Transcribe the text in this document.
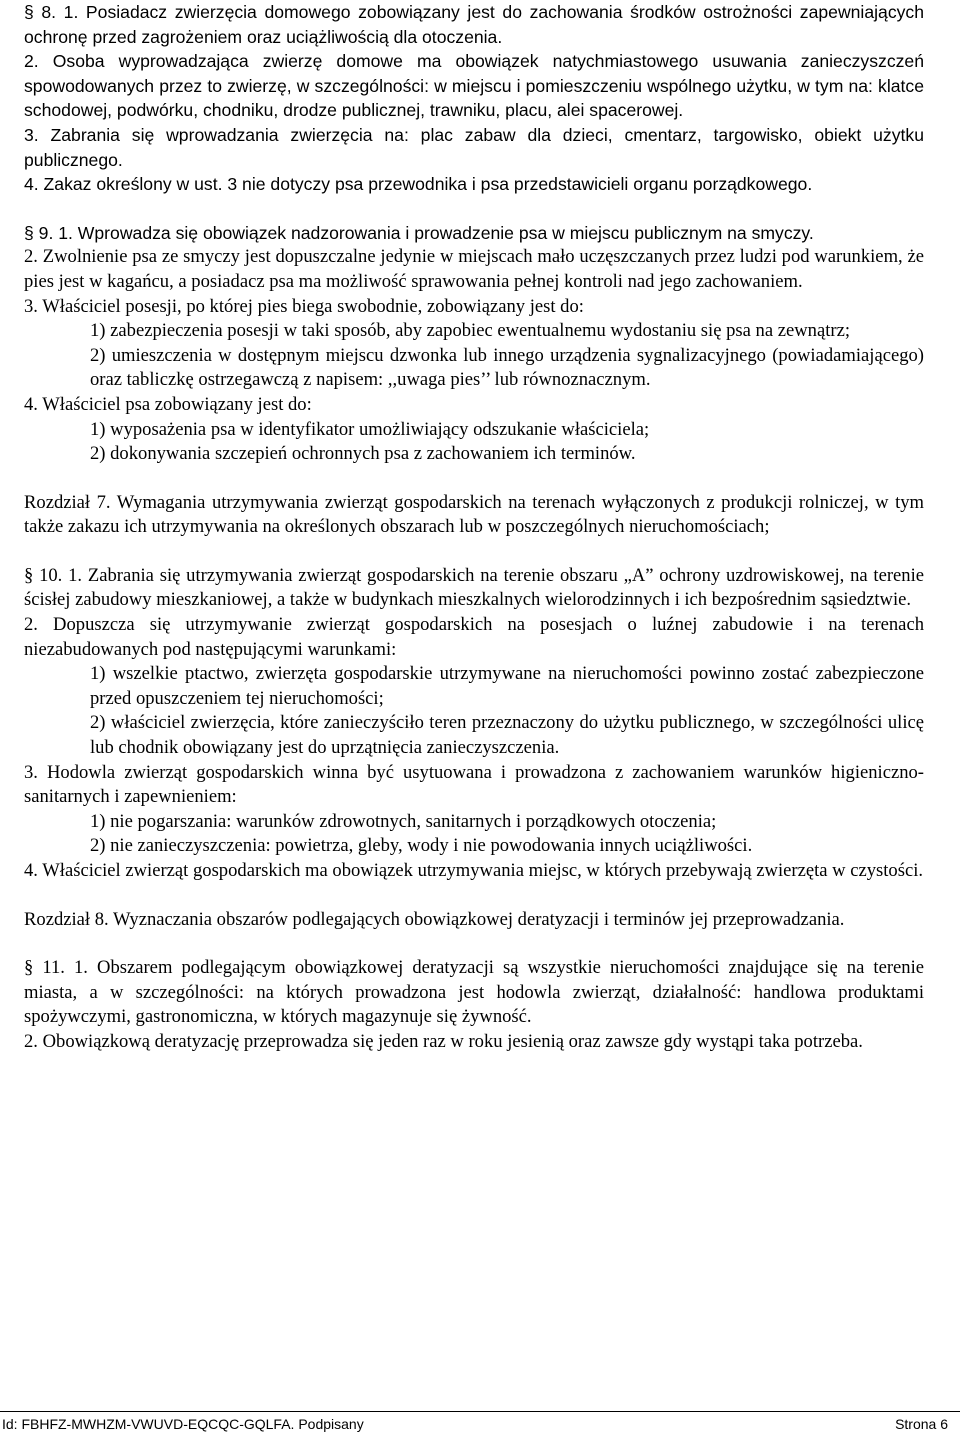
§ 8. 1. Posiadacz zwierzęcia domowego zobowiązany jest do zachowania środków ostrożności zapewniających ochronę przed zagrożeniem oraz uciążliwością dla otoczenia.

2. Osoba wyprowadzająca zwierzę domowe ma obowiązek natychmiastowego usuwania zanieczyszczeń spowodowanych przez to zwierzę, w szczególności: w miejscu i pomieszczeniu wspólnego użytku, w tym na: klatce schodowej, podwórku, chodniku, drodze publicznej, trawniku, placu, alei spacerowej.

3. Zabrania się wprowadzania zwierzęcia na: plac zabaw dla dzieci, cmentarz, targowisko, obiekt użytku publicznego.

4. Zakaz określony w ust. 3 nie dotyczy psa przewodnika i psa przedstawicieli organu porządkowego.

§ 9. 1. Wprowadza się obowiązek nadzorowania i prowadzenie psa w miejscu publicznym na smyczy.

2. Zwolnienie psa ze smyczy jest dopuszczalne jedynie w miejscach mało uczęszczanych przez ludzi pod warunkiem, że pies jest w kagańcu, a posiadacz psa ma możliwość sprawowania pełnej kontroli nad jego zachowaniem.

3. Właściciel posesji, po której pies biega swobodnie, zobowiązany jest do:

1) zabezpieczenia posesji w taki sposób, aby zapobiec ewentualnemu wydostaniu się psa na zewnątrz;

2) umieszczenia w dostępnym miejscu dzwonka lub innego urządzenia sygnalizacyjnego (powiadamiającego) oraz tabliczkę ostrzegawczą z napisem: ,,uwaga pies’’ lub równoznacznym.

4. Właściciel psa zobowiązany jest do:

1) wyposażenia psa w identyfikator umożliwiający odszukanie właściciela;

2) dokonywania szczepień ochronnych psa z zachowaniem ich terminów.

Rozdział 7. Wymagania utrzymywania zwierząt gospodarskich na terenach wyłączonych z produkcji rolniczej, w tym także zakazu ich utrzymywania na określonych obszarach lub w poszczególnych nieruchomościach;

§ 10. 1. Zabrania się utrzymywania zwierząt gospodarskich na terenie obszaru „A” ochrony uzdrowiskowej, na terenie ścisłej zabudowy mieszkaniowej, a także w budynkach mieszkalnych wielorodzinnych i ich bezpośrednim sąsiedztwie.

2. Dopuszcza się utrzymywanie zwierząt gospodarskich na posesjach o luźnej zabudowie i na terenach niezabudowanych pod następującymi warunkami:

1) wszelkie ptactwo, zwierzęta gospodarskie utrzymywane na nieruchomości powinno zostać zabezpieczone przed opuszczeniem tej nieruchomości;

2) właściciel zwierzęcia, które zanieczyściło teren przeznaczony do użytku publicznego, w szczególności ulicę lub chodnik obowiązany jest do uprzątnięcia zanieczyszczenia.

3. Hodowla zwierząt gospodarskich winna być usytuowana i prowadzona z zachowaniem warunków higieniczno-sanitarnych i zapewnieniem:

1) nie pogarszania: warunków zdrowotnych, sanitarnych i porządkowych otoczenia;

2) nie zanieczyszczenia: powietrza, gleby, wody i nie powodowania innych uciążliwości.

4. Właściciel zwierząt gospodarskich ma obowiązek utrzymywania miejsc, w których przebywają zwierzęta w czystości.

Rozdział 8. Wyznaczania obszarów podlegających obowiązkowej deratyzacji i terminów jej przeprowadzania.

§ 11. 1. Obszarem podlegającym obowiązkowej deratyzacji są wszystkie nieruchomości znajdujące się na terenie miasta, a w szczególności: na których prowadzona jest hodowla zwierząt, działalność: handlowa produktami spożywczymi, gastronomiczna, w których magazynuje się żywność.

2. Obowiązkową deratyzację przeprowadza się jeden raz w roku jesienią oraz zawsze gdy wystąpi taka potrzeba.

Id: FBHFZ-MWHZM-VWUVD-EQCQC-GQLFA. Podpisany	Strona 6
